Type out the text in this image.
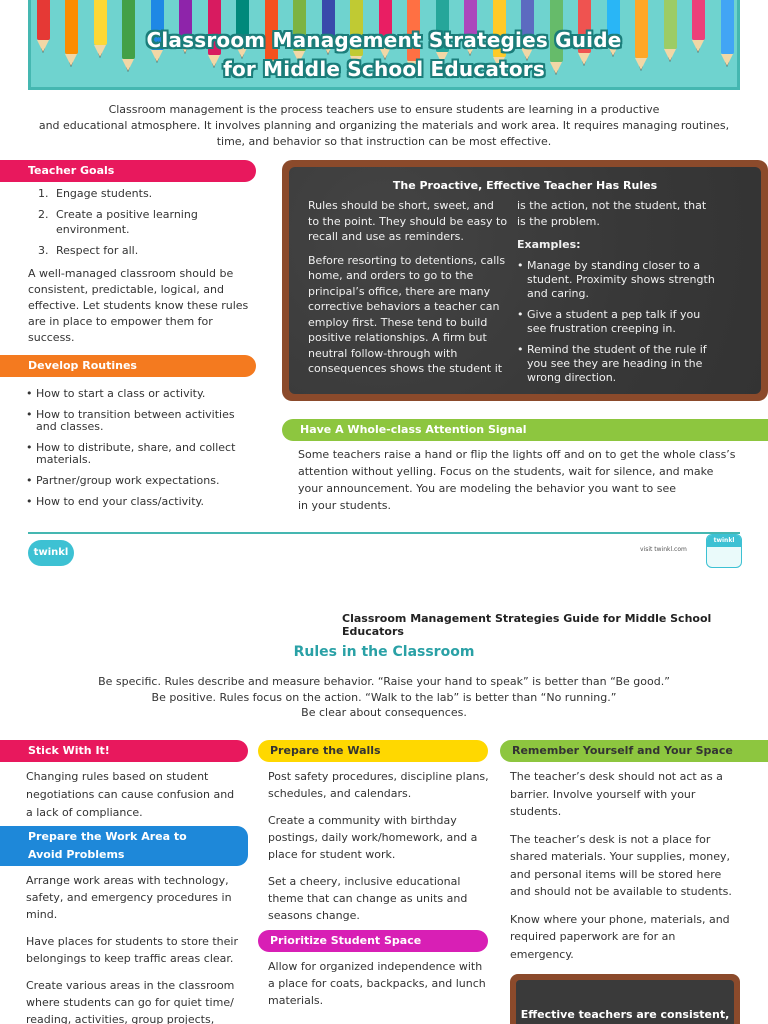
Classroom Management Strategies Guide
for Middle School Educators
Classroom management is the process teachers use to ensure students are learning in a productive
and educational atmosphere. It involves planning and organizing the materials and work area. It requires managing routines,
time, and behavior so that instruction can be most effective.
Teacher Goals
1. Engage students.
2. Create a positive learning environment.
3. Respect for all.
A well-managed classroom should be consistent, predictable, logical, and effective. Let students know these rules are in place to empower them for success.
Develop Routines
• How to start a class or activity.
• How to transition between activities and classes.
• How to distribute, share, and collect materials.
• Partner/group work expectations.
• How to end your class/activity.
The Proactive, Effective Teacher Has Rules

Rules should be short, sweet, and to the point. They should be easy to recall and use as reminders.

Before resorting to detentions, calls home, and orders to go to the principal’s office, there are many corrective behaviors a teacher can employ first. These tend to build positive relationships. A firm but neutral follow-through with consequences shows the student it

is the action, not the student, that is the problem.

Examples:
• Manage by standing closer to a student. Proximity shows strength and caring.
• Give a student a pep talk if you see frustration creeping in.
• Remind the student of the rule if you see they are heading in the wrong direction.
Have A Whole-class Attention Signal
Some teachers raise a hand or flip the lights off and on to get the whole class’s
attention without yelling. Focus on the students, wait for silence, and make
your announcement. You are modeling the behavior you want to see
in your students.
twinkl	visit twinkl.com
twinkl
Classroom Management Strategies Guide for Middle School Educators
Rules in the Classroom
Be specific. Rules describe and measure behavior. “Raise your hand to speak” is better than “Be good.”
Be positive. Rules focus on the action. “Walk to the lab” is better than “No running.”
Be clear about consequences.
Stick With It!
Changing rules based on student negotiations can cause confusion and a lack of compliance.
Prepare the Work Area to
Avoid Problems

Arrange work areas with technology, safety, and emergency procedures in mind.

Have places for students to store their belongings to keep traffic areas clear.

Create various areas in the classroom where students can go for quiet time/ reading, activities, group projects,

Prepare the Walls

Post safety procedures, discipline plans, schedules, and calendars.

Create a community with birthday postings, daily work/homework, and a place for student work.

Set a cheery, inclusive educational theme that can change as units and seasons change.

Prioritize Student Space
Allow for organized independence with a place for coats, backpacks, and lunch materials.
Remember Yourself and Your Space

The teacher’s desk should not act as a barrier. Involve yourself with your students.

The teacher’s desk is not a place for shared materials. Your supplies, money, and personal items will be stored here and should not be available to students.

Know where your phone, materials, and required paperwork are for an emergency.

Effective teachers are consistent,
